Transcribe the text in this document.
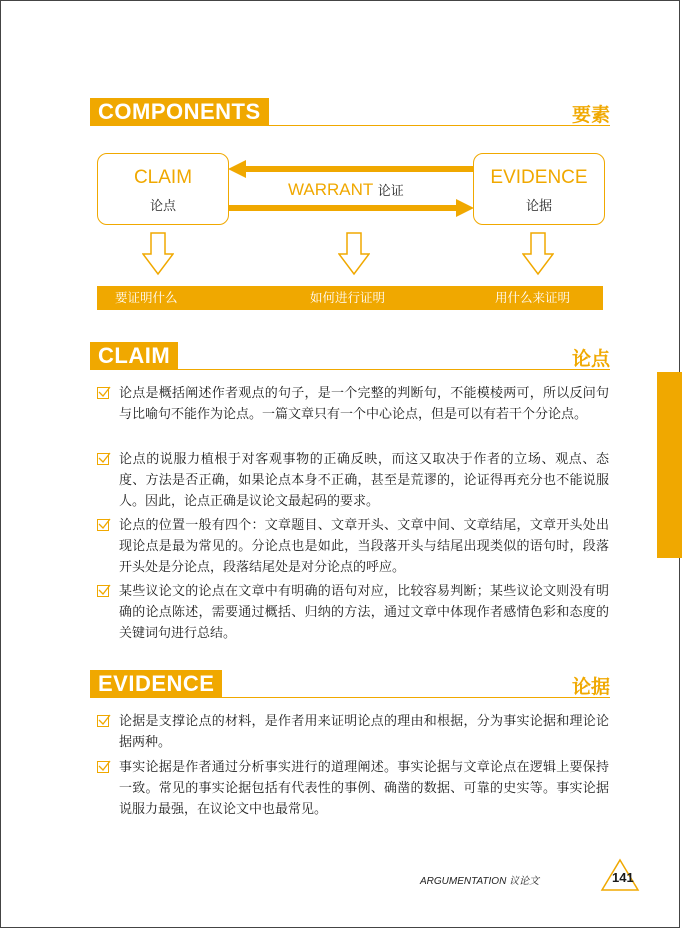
COMPONENTS	要素
CLAIM
论点
EVIDENCE
论据
WARRANT 论证
要证明什么	如何进行证明	用什么来证明
CLAIM	论点
论点是概括阐述作者观点的句子，是一个完整的判断句，不能模棱两可，所以反问句与比喻句不能作为论点。一篇文章只有一个中心论点，但是可以有若干个分论点。
论点的说服力植根于对客观事物的正确反映，而这又取决于作者的立场、观点、态度、方法是否正确，如果论点本身不正确，甚至是荒谬的，论证得再充分也不能说服人。因此，论点正确是议论文最起码的要求。
论点的位置一般有四个：文章题目、文章开头、文章中间、文章结尾，文章开头处出现论点是最为常见的。分论点也是如此，当段落开头与结尾出现类似的语句时，段落开头处是分论点，段落结尾处是对分论点的呼应。
某些议论文的论点在文章中有明确的语句对应，比较容易判断；某些议论文则没有明确的论点陈述，需要通过概括、归纳的方法，通过文章中体现作者感情色彩和态度的关键词句进行总结。
EVIDENCE	论据
论据是支撑论点的材料，是作者用来证明论点的理由和根据，分为事实论据和理论论据两种。
事实论据是作者通过分析事实进行的道理阐述。事实论据与文章论点在逻辑上要保持一致。常见的事实论据包括有代表性的事例、确凿的数据、可靠的史实等。事实论据说服力最强，在议论文中也最常见。
ARGUMENTATION 议论文	141
